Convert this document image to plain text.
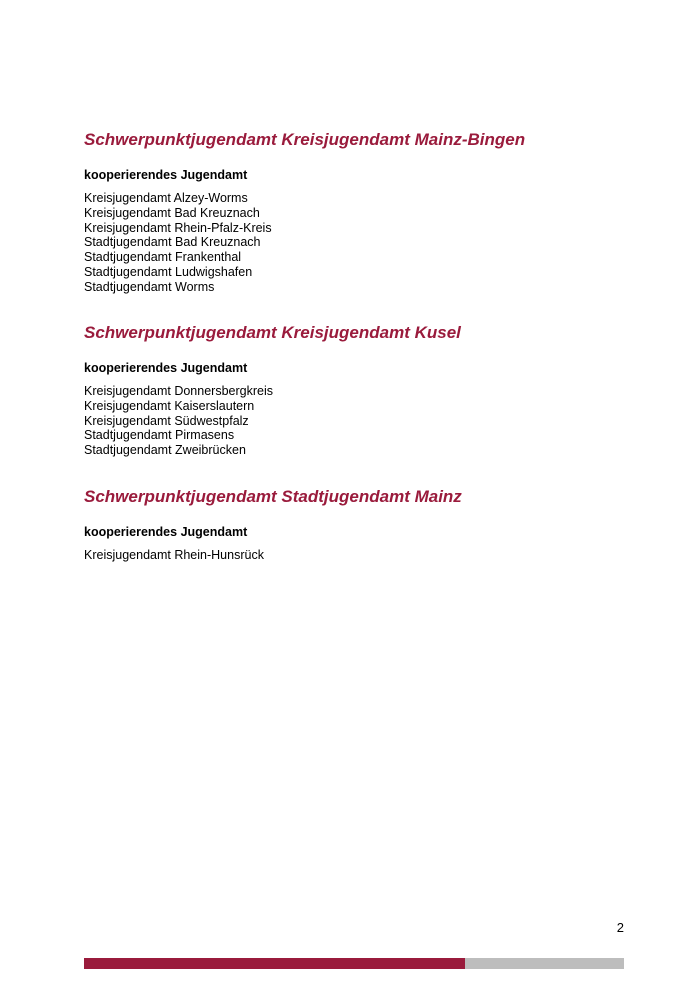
Schwerpunktjugendamt Kreisjugendamt Mainz-Bingen
kooperierendes Jugendamt
Kreisjugendamt Alzey-Worms
Kreisjugendamt Bad Kreuznach
Kreisjugendamt Rhein-Pfalz-Kreis
Stadtjugendamt Bad Kreuznach
Stadtjugendamt Frankenthal
Stadtjugendamt Ludwigshafen
Stadtjugendamt Worms
Schwerpunktjugendamt Kreisjugendamt Kusel
kooperierendes Jugendamt
Kreisjugendamt Donnersbergkreis
Kreisjugendamt Kaiserslautern
Kreisjugendamt Südwestpfalz
Stadtjugendamt Pirmasens
Stadtjugendamt Zweibrücken
Schwerpunktjugendamt Stadtjugendamt Mainz
kooperierendes Jugendamt
Kreisjugendamt Rhein-Hunsrück
2
